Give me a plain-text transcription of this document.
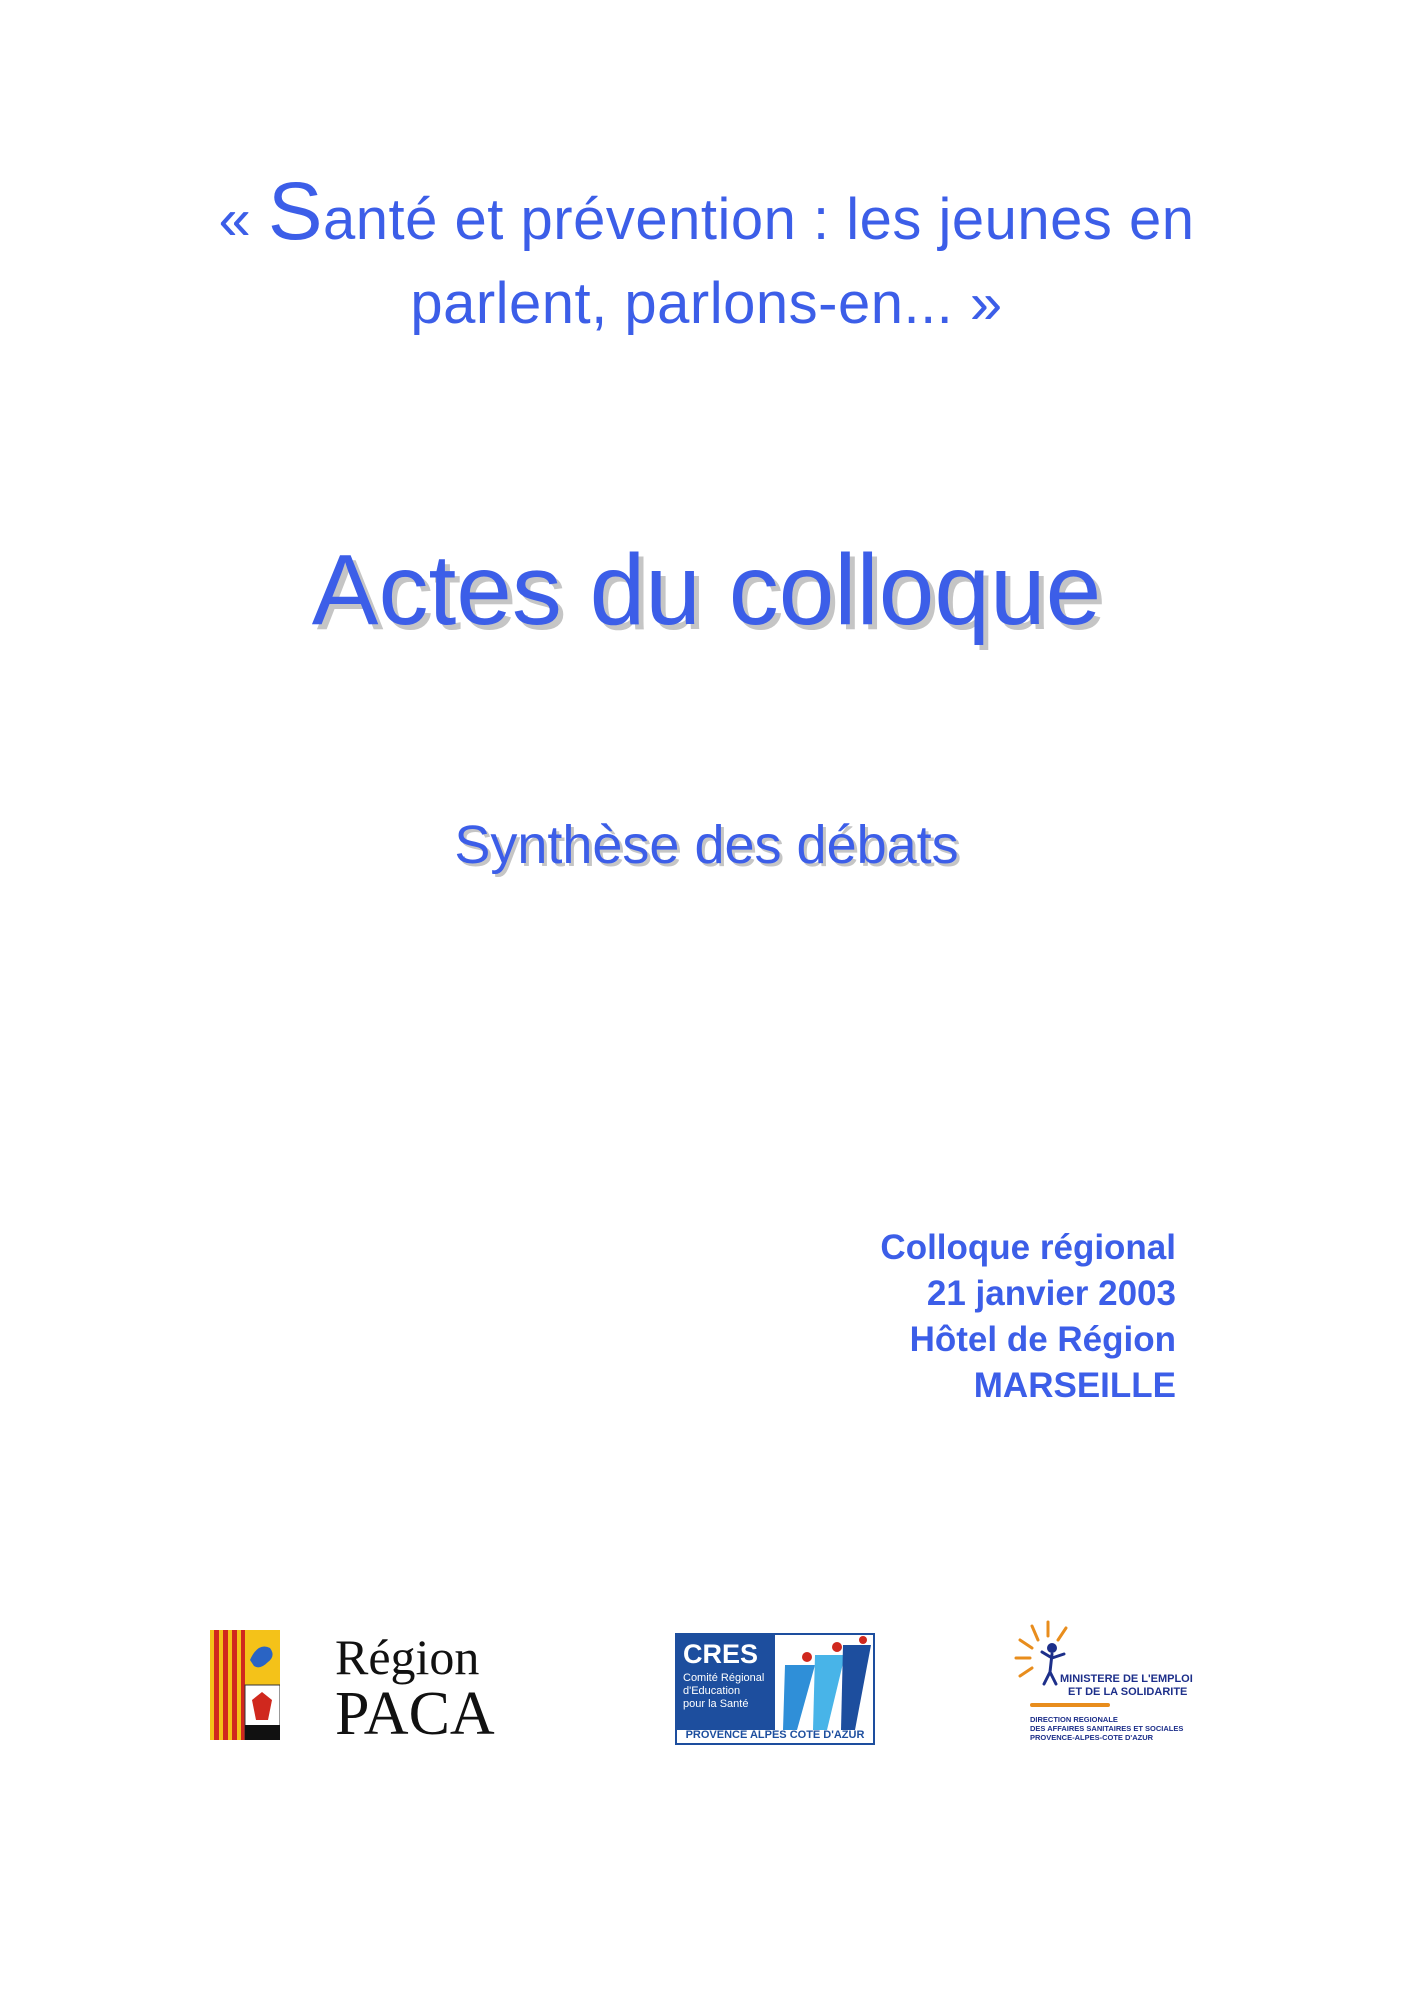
« Santé et prévention : les jeunes en
parlent, parlons-en... »
Actes du colloque
Synthèse des débats
Colloque régional
21 janvier 2003
Hôtel de Région
MARSEILLE
Région
PACA
CRES
Comité Régional
d'Education
pour la Santé
PROVENCE ALPES COTE D'AZUR
MINISTERE DE L'EMPLOI
ET DE LA SOLIDARITE
DIRECTION REGIONALE
DES AFFAIRES SANITAIRES ET SOCIALES
PROVENCE-ALPES-COTE D'AZUR
